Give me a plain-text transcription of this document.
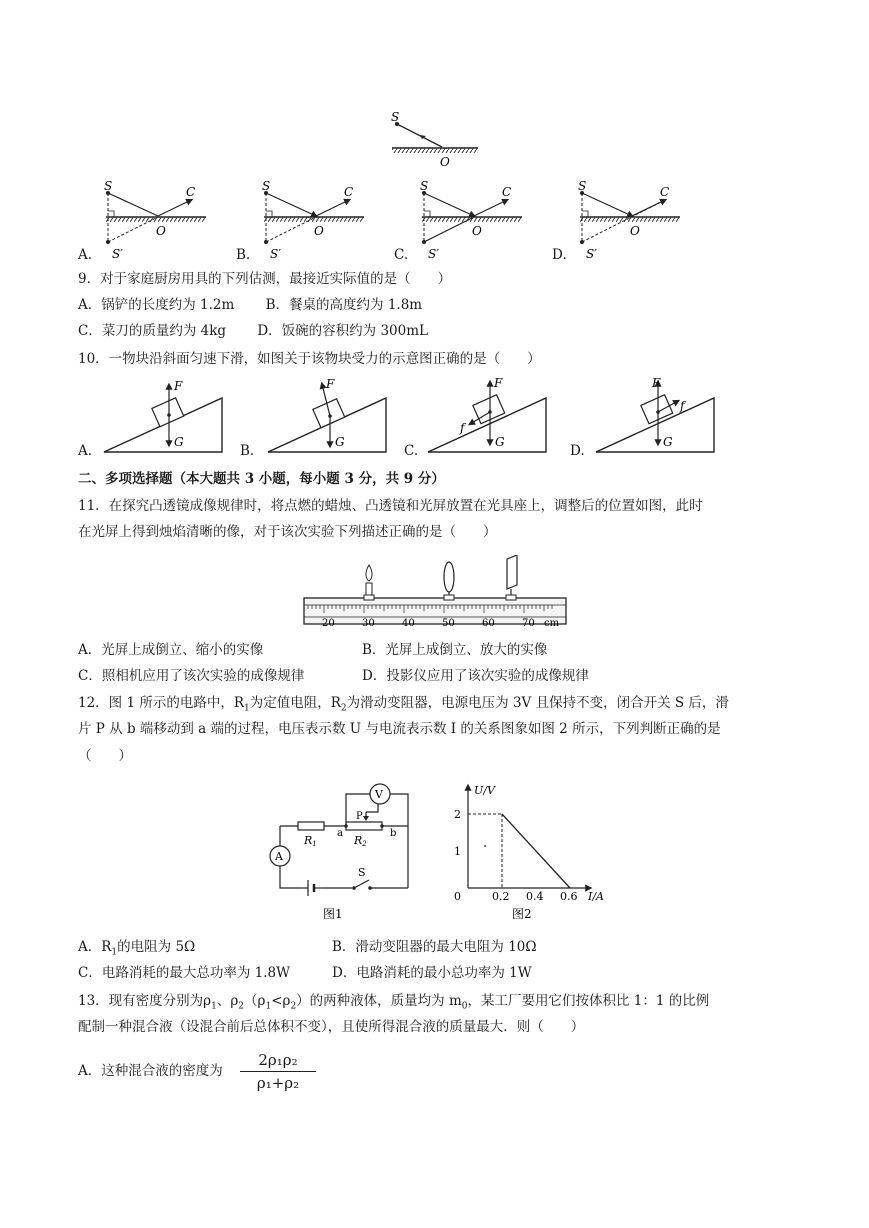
S
O
S
S′
C
O
S
S′
C
O
S
S′
C
O
S
S′
C
O
A.	B.	C.	D.
9．对于家庭厨房用具的下列估测，最接近实际值的是（　　）
A．锅铲的长度约为 1.2m　　 B．餐桌的高度约为 1.8m
C．菜刀的质量约为 4kg　　 D．饭碗的容积约为 300mL
10．一物块沿斜面匀速下滑，如图关于该物块受力的示意图正确的是（　　）
F
G
F
G
F
G
f
F
G
f
A.	B.	C.	D.
二、多项选择题（本大题共 3 小题，每小题 3 分，共 9 分）
11．在探究凸透镜成像规律时，将点燃的蜡烛、凸透镜和光屏放置在光具座上，调整后的位置如图，此时
在光屏上得到烛焰清晰的像，对于该次实验下列描述正确的是（　　）
20	30	40	50	60	70 cm
A．光屏上成倒立、缩小的实像	B．光屏上成倒立、放大的实像
C．照相机应用了该次实验的成像规律	D．投影仪应用了该次实验的成像规律
12．图 1 所示的电路中，$R_1$为定值电阻，$R_2$为滑动变阻器，电源电压为 3V 且保持不变，闭合开关 S 后，滑
片 P 从 b 端移动到 a 端的过程，电压表示数 U 与电流表示数 I 的关系图象如图 2 所示，下列判断正确的是
（　　）
S
A
R1
a	b
R2
P
V
图1
U/V
I/A
0
2
1
0.2 0.4 0.6
图2
A．$R_1$的电阻为 5Ω	B．滑动变阻器的最大电阻为 10Ω
C．电路消耗的最大总功率为 1.8W	D．电路消耗的最小总功率为 1W
13．现有密度分别为$\rho_1$、$\rho_2(\rho_1<\rho_2)$的两种液体，质量均为 $m_0$，某工厂要用它们按体积比 1：1 的比例
配制一种混合液（设混合前后总体积不变），且使所得混合液的质量最大．则（　　）
A．这种混合液的密度为
2ρ₁ρ₂
ρ₁+ρ₂
